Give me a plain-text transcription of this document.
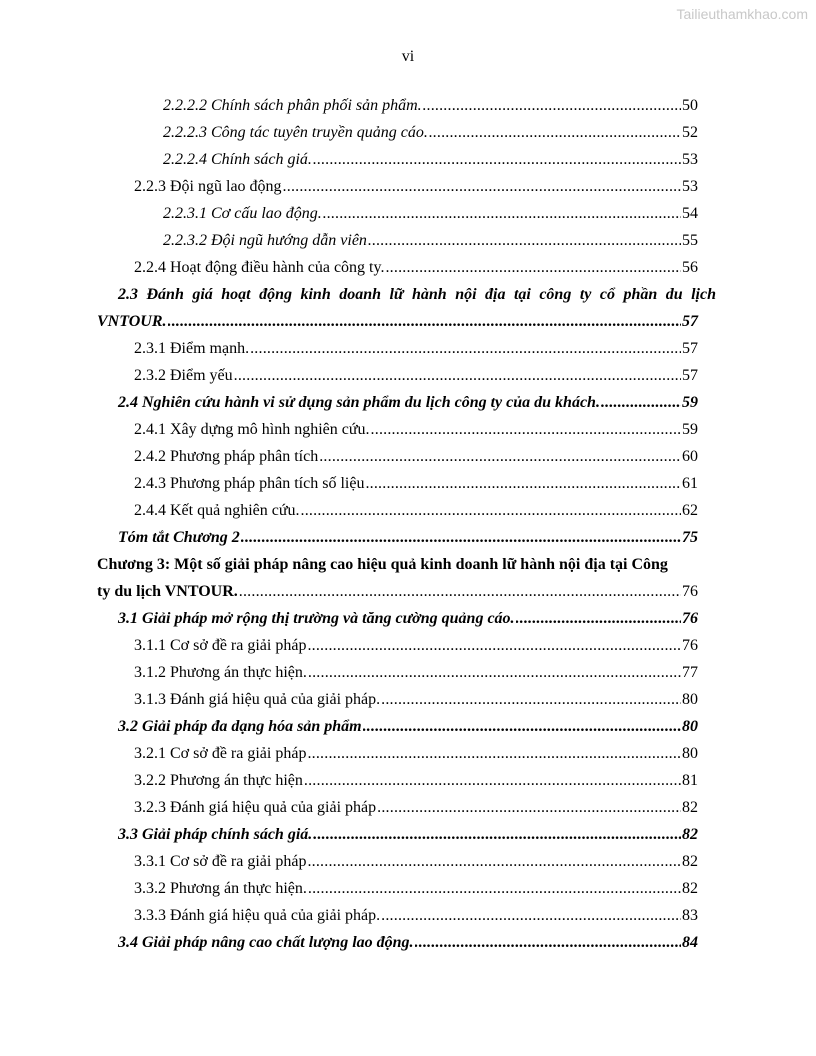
Tailieuthamkhao.com
vi
2.2.2.2 Chính sách phân phối sản phẩm. .....	50
2.2.2.3 Công tác tuyên truyền quảng cáo. .....	52
2.2.2.4 Chính sách giá. .....	53
2.2.3 Đội ngũ lao động .....	53
2.2.3.1 Cơ cấu lao động. .....	54
2.2.3.2 Đội ngũ hướng dẫn viên .....	55
2.2.4 Hoạt động điều hành của công ty. .....	56
2.3 Đánh giá hoạt động kinh doanh lữ hành nội địa tại công ty cổ phần du lịch
VNTOUR. .....	57
2.3.1 Điểm mạnh. .....	57
2.3.2 Điểm yếu .....	57
2.4 Nghiên cứu hành vi sử dụng sản phẩm du lịch công ty của du khách. .....	59
2.4.1 Xây dựng mô hình nghiên cứu. .....	59
2.4.2 Phương pháp phân tích .....	60
2.4.3 Phương pháp phân tích số liệu .....	61
2.4.4 Kết quả nghiên cứu. .....	62
Tóm tắt Chương 2 .....	75
Chương 3: Một số giải pháp nâng cao hiệu quả kinh doanh lữ hành nội địa tại Công
ty du lịch VNTOUR. .....	76
3.1 Giải pháp mở rộng thị trường và tăng cường quảng cáo. .....	76
3.1.1 Cơ sở đề ra giải pháp .....	76
3.1.2 Phương án thực hiện. .....	77
3.1.3 Đánh giá hiệu quả của giải pháp. .....	80
3.2 Giải pháp đa dạng hóa sản phẩm .....	80
3.2.1 Cơ sở đề ra giải pháp .....	80
3.2.2 Phương án thực hiện .....	81
3.2.3 Đánh giá hiệu quả của giải pháp .....	82
3.3 Giải pháp chính sách giá. .....	82
3.3.1 Cơ sở đề ra giải pháp .....	82
3.3.2 Phương án thực hiện. .....	82
3.3.3 Đánh giá hiệu quả của giải pháp. .....	83
3.4 Giải pháp nâng cao chất lượng lao động. .....	84
